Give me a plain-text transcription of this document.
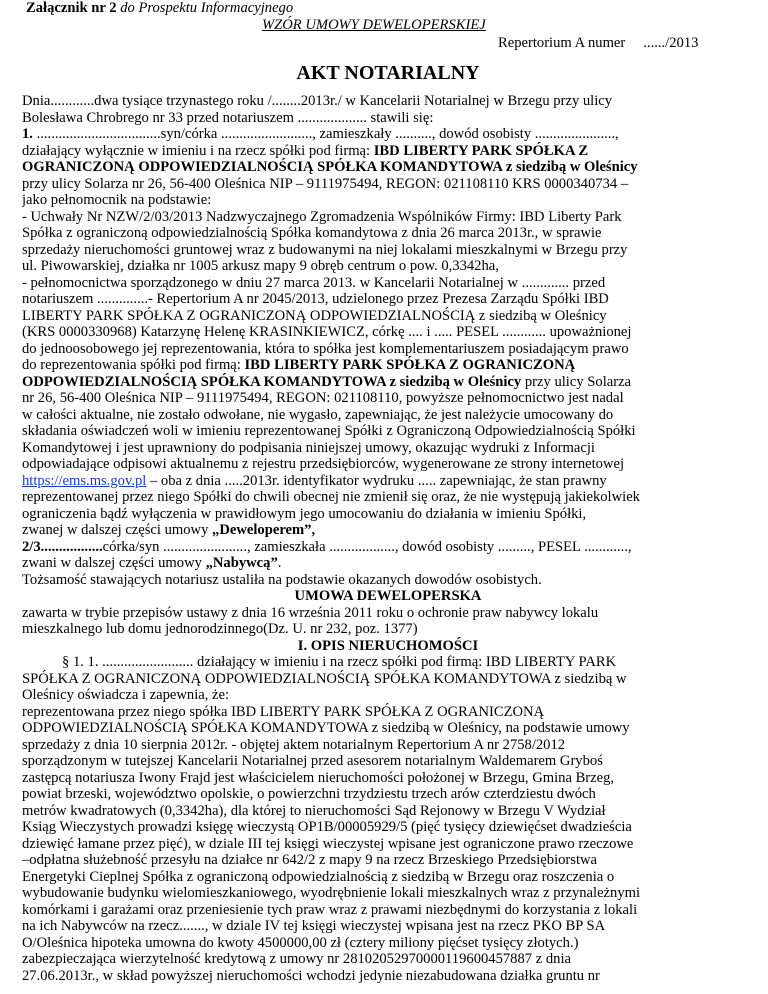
Załącznik nr 2 do Prospektu Informacyjnego
WZÓR UMOWY DEWELOPERSKIEJ
Repertorium A numer ....../2013
AKT NOTARIALNY
Dnia............dwa tysiące trzynastego roku /........2013r./ w Kancelarii Notarialnej w Brzegu przy ulicy
Bolesława Chrobrego nr 33 przed notariuszem ................... stawili się:
1. ..................................syn/córka ........................., zamieszkały .........., dowód osobisty ......................,
działający wyłącznie w imieniu i na rzecz spółki pod firmą: IBD LIBERTY PARK SPÓŁKA Z
OGRANICZONĄ ODPOWIEDZIALNOŚCIĄ SPÓŁKA KOMANDYTOWA z siedzibą w Oleśnicy
przy ulicy Solarza nr 26, 56-400 Oleśnica NIP – 9111975494, REGON: 021108110 KRS 0000340734 –
jako pełnomocnik na podstawie:
- Uchwały Nr NZW/2/03/2013 Nadzwyczajnego Zgromadzenia Wspólników Firmy: IBD Liberty Park
Spółka z ograniczoną odpowiedzialnością Spółka komandytowa z dnia 26 marca 2013r., w sprawie
sprzedaży nieruchomości gruntowej wraz z budowanymi na niej lokalami mieszkalnymi w Brzegu przy
ul. Piwowarskiej, działka nr 1005 arkusz mapy 9 obręb centrum o pow. 0,3342ha,
- pełnomocnictwa sporządzonego w dniu 27 marca 2013. w Kancelarii Notarialnej w ............. przed
notariuszem ..............- Repertorium A nr 2045/2013, udzielonego przez Prezesa Zarządu Spółki IBD
LIBERTY PARK SPÓŁKA Z OGRANICZONĄ ODPOWIEDZIALNOŚCIĄ z siedzibą w Oleśnicy
(KRS 0000330968) Katarzynę Helenę KRASINKIEWICZ, córkę .... i ..... PESEL ............ upoważnionej
do jednoosobowego jej reprezentowania, która to spółka jest komplementariuszem posiadającym prawo
do reprezentowania spółki pod firmą: IBD LIBERTY PARK SPÓŁKA Z OGRANICZONĄ
ODPOWIEDZIALNOŚCIĄ SPÓŁKA KOMANDYTOWA z siedzibą w Oleśnicy przy ulicy Solarza
nr 26, 56-400 Oleśnica NIP – 9111975494, REGON: 021108110, powyższe pełnomocnictwo jest nadal
w całości aktualne, nie zostało odwołane, nie wygasło, zapewniając, że jest należycie umocowany do
składania oświadczeń woli w imieniu reprezentowanej Spółki z Ograniczoną Odpowiedzialnością Spółki
Komandytowej i jest uprawniony do podpisania niniejszej umowy, okazując wydruki z Informacji
odpowiadające odpisowi aktualnemu z rejestru przedsiębiorców, wygenerowane ze strony internetowej
https://ems.ms.gov.pl – oba z dnia .....2013r. identyfikator wydruku ..... zapewniając, że stan prawny
reprezentowanej przez niego Spółki do chwili obecnej nie zmienił się oraz, że nie występują jakiekolwiek
ograniczenia bądź wyłączenia w prawidłowym jego umocowaniu do działania w imieniu Spółki,
zwanej w dalszej części umowy „Deweloperem”,
2/3.................córka/syn ......................., zamieszkała .................., dowód osobisty ........., PESEL ............,
zwani w dalszej części umowy „Nabywcą”.
Tożsamość stawających notariusz ustaliła na podstawie okazanych dowodów osobistych.
UMOWA DEWELOPERSKA
zawarta w trybie przepisów ustawy z dnia 16 września 2011 roku o ochronie praw nabywcy lokalu
mieszkalnego lub domu jednorodzinnego(Dz. U. nr 232, poz. 1377)
I. OPIS NIERUCHOMOŚCI
§ 1. 1. ......................... działający w imieniu i na rzecz spółki pod firmą: IBD LIBERTY PARK
SPÓŁKA Z OGRANICZONĄ ODPOWIEDZIALNOŚCIĄ SPÓŁKA KOMANDYTOWA z siedzibą w
Oleśnicy oświadcza i zapewnia, że:
reprezentowana przez niego spółka IBD LIBERTY PARK SPÓŁKA Z OGRANICZONĄ
ODPOWIEDZIALNOŚCIĄ SPÓŁKA KOMANDYTOWA z siedzibą w Oleśnicy, na podstawie umowy
sprzedaży z dnia 10 sierpnia 2012r. - objętej aktem notarialnym Repertorium A nr 2758/2012
sporządzonym w tutejszej Kancelarii Notarialnej przed asesorem notarialnym Waldemarem Gryboś
zastępcą notariusza Iwony Frajd jest właścicielem nieruchomości położonej w Brzegu, Gmina Brzeg,
powiat brzeski, województwo opolskie, o powierzchni trzydziestu trzech arów czterdziestu dwóch
metrów kwadratowych (0,3342ha), dla której to nieruchomości Sąd Rejonowy w Brzegu V Wydział
Ksiąg Wieczystych prowadzi księgę wieczystą OP1B/00005929/5 (pięć tysięcy dziewięćset dwadzieścia
dziewięć łamane przez pięć), w dziale III tej księgi wieczystej wpisane jest ograniczone prawo rzeczowe
–odpłatna służebność przesyłu na działce nr 642/2 z mapy 9 na rzecz Brzeskiego Przedsiębiorstwa
Energetyki Cieplnej Spółka z ograniczoną odpowiedzialnością z siedzibą w Brzegu oraz roszczenia o
wybudowanie budynku wielomieszkaniowego, wyodrębnienie lokali mieszkalnych wraz z przynależnymi
komórkami i garażami oraz przeniesienie tych praw wraz z prawami niezbędnymi do korzystania z lokali
na ich Nabywców na rzecz......., w dziale IV tej księgi wieczystej wpisana jest na rzecz PKO BP SA
O/Oleśnica hipoteka umowna do kwoty 4500000,00 zł (cztery miliony pięćset tysięcy złotych.)
zabezpieczająca wierzytelność kredytową z umowy nr 28102052970000119600457887 z dnia
27.06.2013r., w skład powyższej nieruchomości wchodzi jedynie niezabudowana działka gruntu nr
